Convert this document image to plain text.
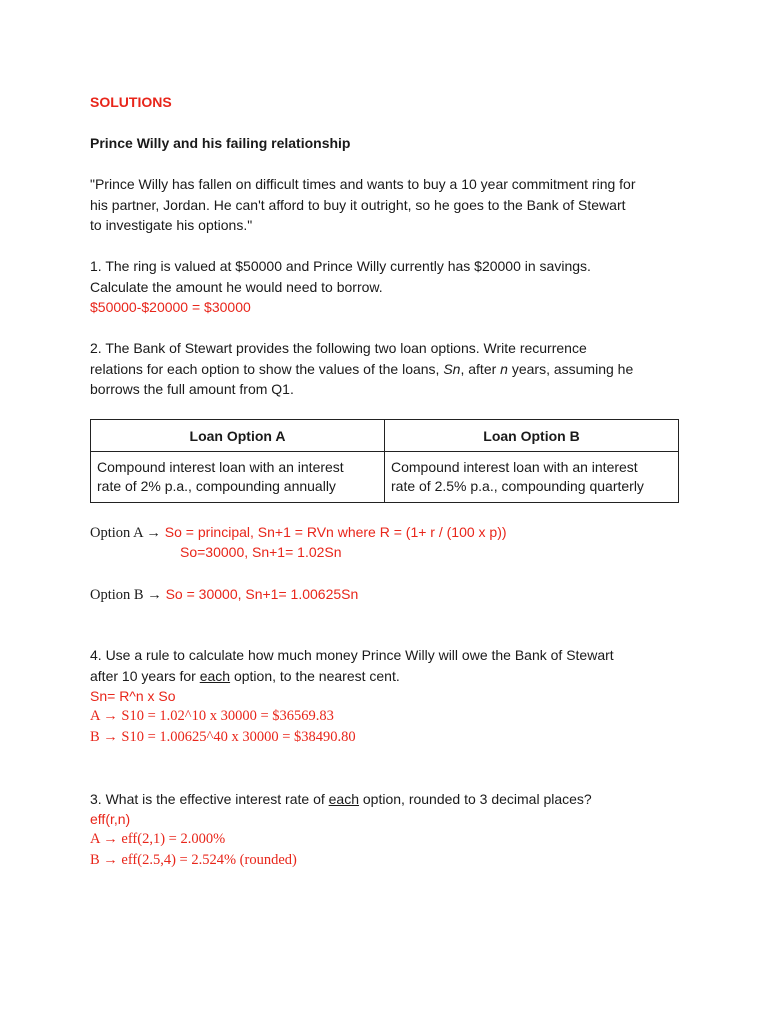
SOLUTIONS
Prince Willy and his failing relationship
"Prince Willy has fallen on difficult times and wants to buy a 10 year commitment ring for
his partner, Jordan. He can't afford to buy it outright, so he goes to the Bank of Stewart
to investigate his options."
1. The ring is valued at $50000 and Prince Willy currently has $20000 in savings.
Calculate the amount he would need to borrow.
$50000-$20000 = $30000
2. The Bank of Stewart provides the following two loan options. Write recurrence
relations for each option to show the values of the loans, Sn, after n years, assuming he
borrows the full amount from Q1.
Loan Option A	Loan Option B
Compound interest loan with an interest
rate of 2% p.a., compounding annually	Compound interest loan with an interest
rate of 2.5% p.a., compounding quarterly
Option A → So = principal, Sn+1 = RVn where R = (1+ r / (100 x p))
So=30000, Sn+1= 1.02Sn
Option B → So = 30000, Sn+1= 1.00625Sn
4. Use a rule to calculate how much money Prince Willy will owe the Bank of Stewart
after 10 years for each option, to the nearest cent.
Sn= R^n x So
A → S10 = 1.02^10 x 30000 = $36569.83
B → S10 = 1.00625^40 x 30000 = $38490.80
3. What is the effective interest rate of each option, rounded to 3 decimal places?
eff(r,n)
A → eff(2,1) = 2.000%
B → eff(2.5,4) = 2.524% (rounded)
